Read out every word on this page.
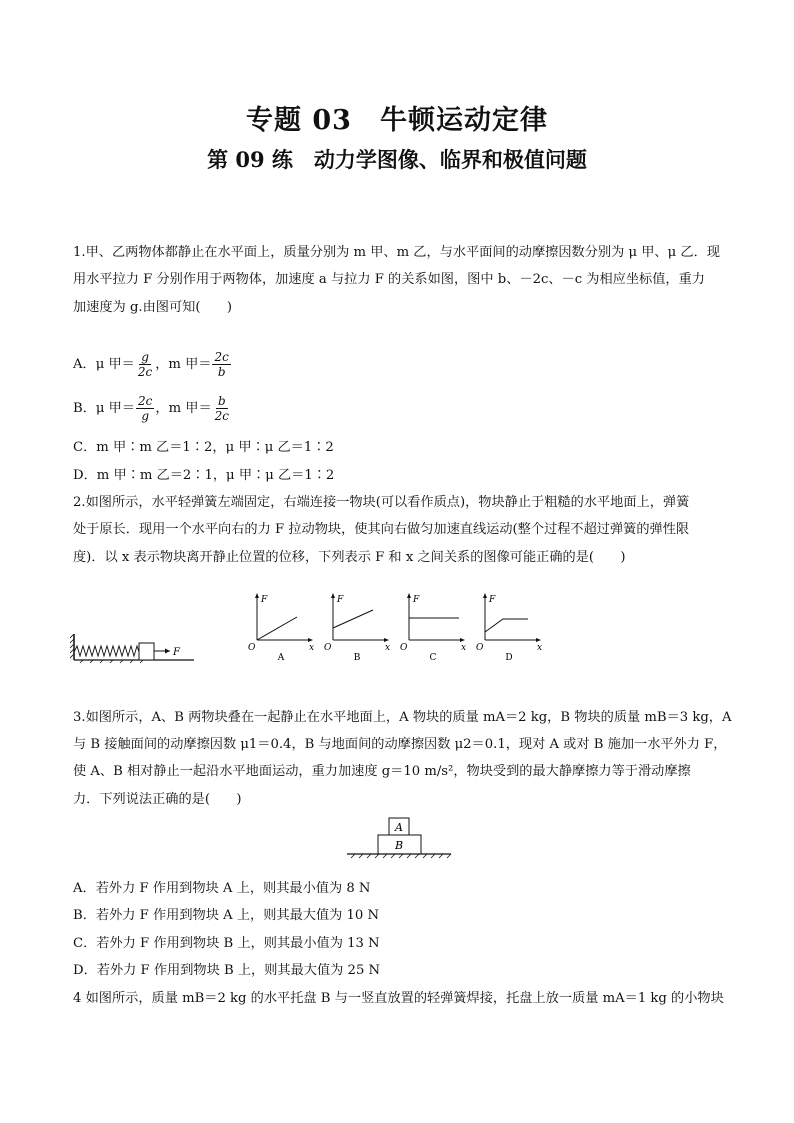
专题 03　牛顿运动定律
第 09 练　动力学图像、临界和极值问题
1.甲、乙两物体都静止在水平面上，质量分别为 m 甲、m 乙，与水平面间的动摩擦因数分别为 μ 甲、μ 乙．现
用水平拉力 F 分别作用于两物体，加速度 a 与拉力 F 的关系如图，图中 b、－2c、－c 为相应坐标值，重力
加速度为 g.由图可知(　　)
A．μ 甲＝ $\frac{g}{2c}$ ，m 甲＝ $\frac{2c}{b}$
B．μ 甲＝ $\frac{2c}{g}$ ，m 甲＝ $\frac{b}{2c}$
C．m 甲∶m 乙＝1∶2，μ 甲∶μ 乙＝1∶2
D．m 甲∶m 乙＝2∶1，μ 甲∶μ 乙＝1∶2
2.如图所示，水平轻弹簧左端固定，右端连接一物块(可以看作质点)，物块静止于粗糙的水平地面上，弹簧
处于原长．现用一个水平向右的力 F 拉动物块，使其向右做匀加速直线运动(整个过程不超过弹簧的弹性限
度)．以 x 表示物块离开静止位置的位移，下列表示 F 和 x 之间关系的图像可能正确的是(　　)
F
F
x
O
A
F
x
O
B
F
x
O
C
F
x
O
D
3.如图所示，A、B 两物块叠在一起静止在水平地面上，A 物块的质量 mA＝2 kg，B 物块的质量 mB＝3 kg，A
与 B 接触面间的动摩擦因数 μ1＝0.4，B 与地面间的动摩擦因数 μ2＝0.1，现对 A 或对 B 施加一水平外力 F，
使 A、B 相对静止一起沿水平地面运动，重力加速度 g＝10 m/s²，物块受到的最大静摩擦力等于滑动摩擦
力．下列说法正确的是(　　)
A
B
A．若外力 F 作用到物块 A 上，则其最小值为 8 N
B．若外力 F 作用到物块 A 上，则其最大值为 10 N
C．若外力 F 作用到物块 B 上，则其最小值为 13 N
D．若外力 F 作用到物块 B 上，则其最大值为 25 N
4 如图所示，质量 mB＝2 kg 的水平托盘 B 与一竖直放置的轻弹簧焊接，托盘上放一质量 mA＝1 kg 的小物块
